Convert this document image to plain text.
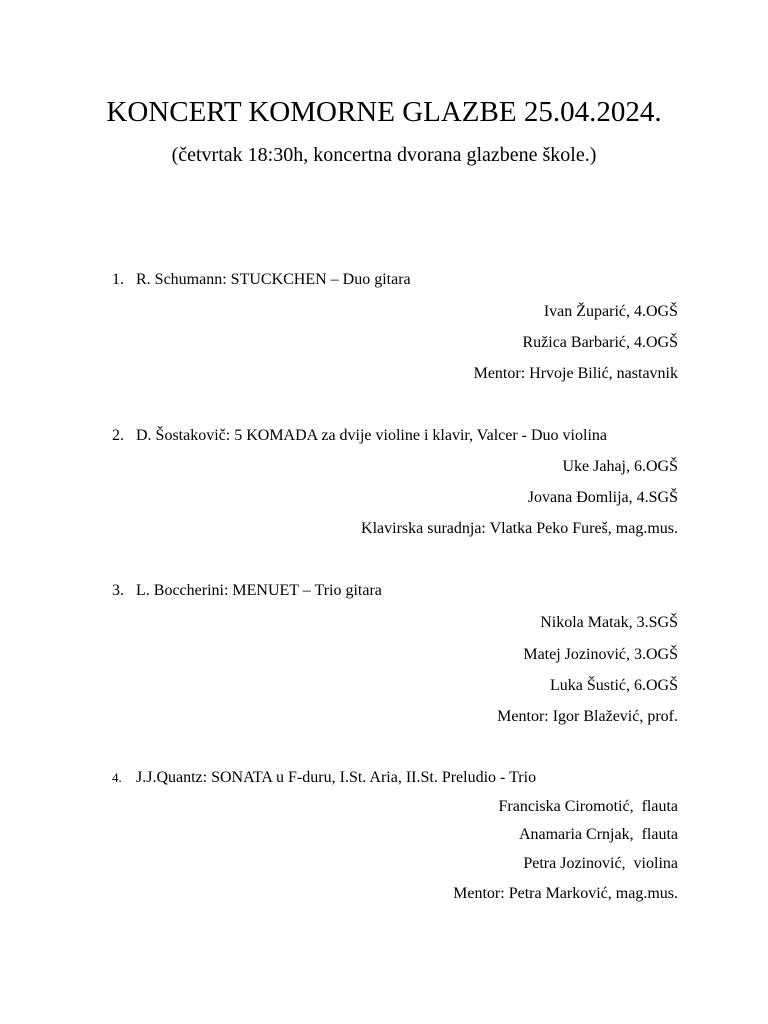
KONCERT KOMORNE GLAZBE 25.04.2024.
(četvrtak 18:30h, koncertna dvorana glazbene škole.)
1. R. Schumann: STUCKCHEN – Duo gitara
Ivan Župarić, 4.OGŠ
Ružica Barbarić, 4.OGŠ
Mentor: Hrvoje Bilić, nastavnik
2. D. Šostakovič: 5 KOMADA za dvije violine i klavir, Valcer - Duo violina
Uke Jahaj, 6.OGŠ
Jovana Đomlija, 4.SGŠ
Klavirska suradnja: Vlatka Peko Fureš, mag.mus.
3. L. Boccherini: MENUET – Trio gitara
Nikola Matak, 3.SGŠ
Matej Jozinović, 3.OGŠ
Luka Šustić, 6.OGŠ
Mentor: Igor Blažević, prof.
4. J.J.Quantz: SONATA u F-duru, I.St. Aria, II.St. Preludio - Trio
Franciska Ciromotić,  flauta
Anamaria Crnjak,  flauta
Petra Jozinović,  violina
Mentor: Petra Marković, mag.mus.
